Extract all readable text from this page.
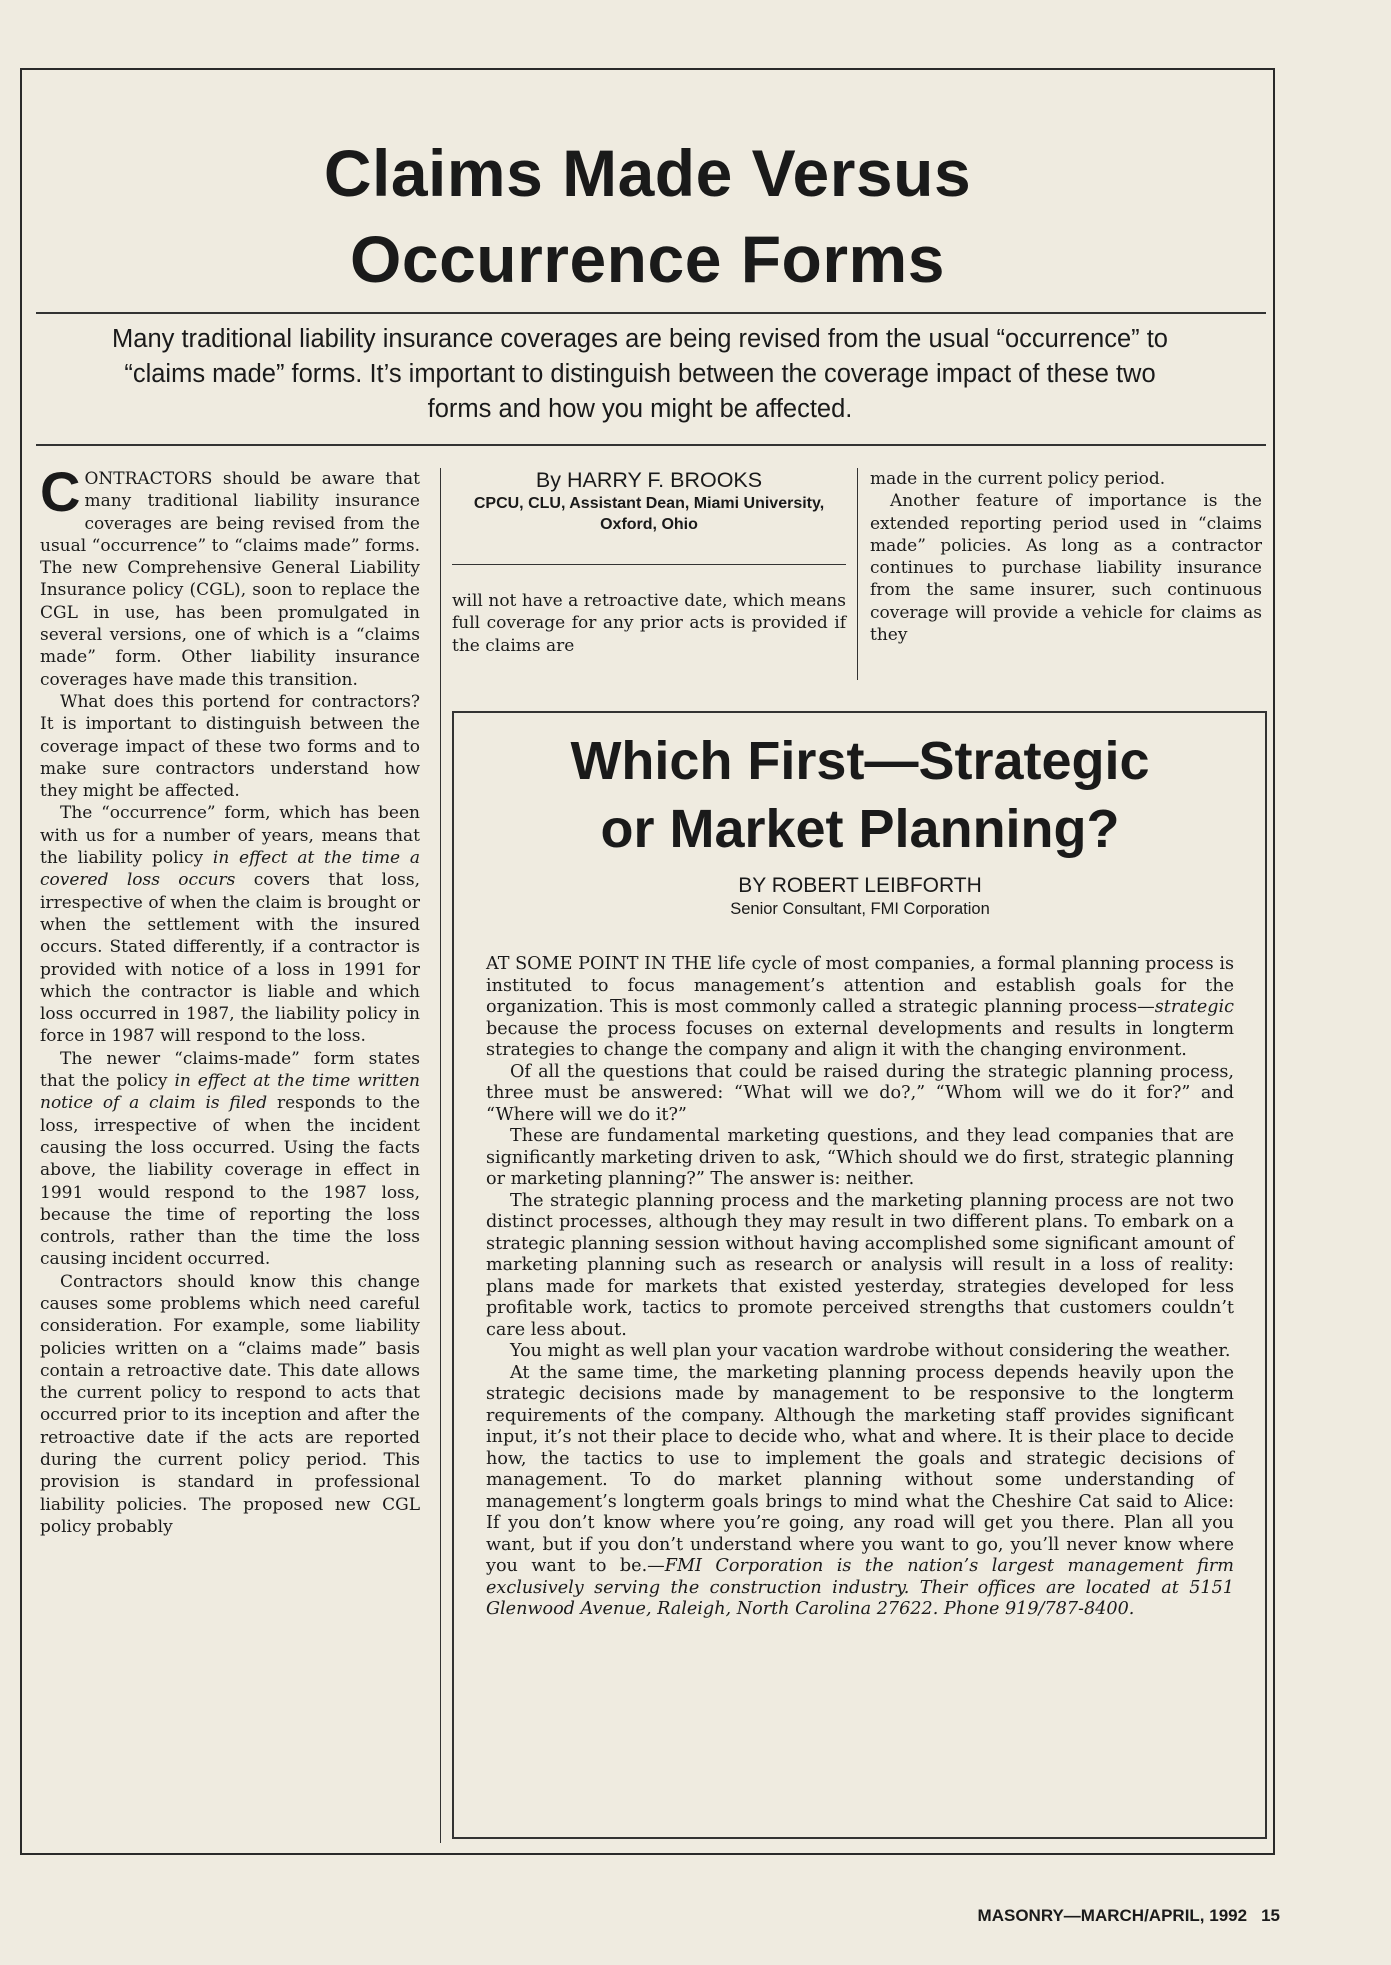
Claims Made Versus
Occurrence Forms
Many traditional liability insurance coverages are being revised from the usual “occurrence” to “claims made” forms. It’s important to distinguish between the coverage impact of these two forms and how you might be affected.

CONTRACTORS should be aware that many traditional liability insurance coverages are being revised from the usual “occurrence” to “claims made” forms. The new Comprehensive General Liability Insurance policy (CGL), soon to replace the CGL in use, has been promulgated in several versions, one of which is a “claims made” form. Other liability insurance coverages have made this transition.

What does this portend for contractors? It is important to distinguish between the coverage impact of these two forms and to make sure contractors understand how they might be affected.

The “occurrence” form, which has been with us for a number of years, means that the liability policy in effect at the time a covered loss occurs covers that loss, irrespective of when the claim is brought or when the settlement with the insured occurs. Stated differently, if a contractor is provided with notice of a loss in 1991 for which the contractor is liable and which loss occurred in 1987, the liability policy in force in 1987 will respond to the loss.

The newer “claims-made” form states that the policy in effect at the time written notice of a claim is filed responds to the loss, irrespective of when the incident causing the loss occurred. Using the facts above, the liability coverage in effect in 1991 would respond to the 1987 loss, because the time of reporting the loss controls, rather than the time the loss causing incident occurred.

Contractors should know this change causes some problems which need careful consideration. For example, some liability policies written on a “claims made” basis contain a retroactive date. This date allows the current policy to respond to acts that occurred prior to its inception and after the retroactive date if the acts are reported during the current policy period. This provision is standard in professional liability policies. The proposed new CGL policy probably

By HARRY F. BROOKS
CPCU, CLU, Assistant Dean, Miami University, Oxford, Ohio

will not have a retroactive date, which means full coverage for any prior acts is provided if the claims are

made in the current policy period.

Another feature of importance is the extended reporting period used in “claims made” policies. As long as a contractor continues to purchase liability insurance from the same insurer, such continuous coverage will provide a vehicle for claims as they

Which First—Strategic
or Market Planning?
BY ROBERT LEIBFORTH
Senior Consultant, FMI Corporation

AT SOME POINT IN THE life cycle of most companies, a formal planning process is instituted to focus management’s attention and establish goals for the organization. This is most commonly called a strategic planning process—strategic because the process focuses on external developments and results in longterm strategies to change the company and align it with the changing environment.

Of all the questions that could be raised during the strategic planning process, three must be answered: “What will we do?,” “Whom will we do it for?” and “Where will we do it?”

These are fundamental marketing questions, and they lead companies that are significantly marketing driven to ask, “Which should we do first, strategic planning or marketing planning?” The answer is: neither.

The strategic planning process and the marketing planning process are not two distinct processes, although they may result in two different plans. To embark on a strategic planning session without having accomplished some significant amount of marketing planning such as research or analysis will result in a loss of reality: plans made for markets that existed yesterday, strategies developed for less profitable work, tactics to promote perceived strengths that customers couldn’t care less about.

You might as well plan your vacation wardrobe without considering the weather.

At the same time, the marketing planning process depends heavily upon the strategic decisions made by management to be responsive to the longterm requirements of the company. Although the marketing staff provides significant input, it’s not their place to decide who, what and where. It is their place to decide how, the tactics to use to implement the goals and strategic decisions of management. To do market planning without some understanding of management’s longterm goals brings to mind what the Cheshire Cat said to Alice: If you don’t know where you’re going, any road will get you there. Plan all you want, but if you don’t understand where you want to go, you’ll never know where you want to be.—FMI Corporation is the nation’s largest management firm exclusively serving the construction industry. Their offices are located at 5151 Glenwood Avenue, Raleigh, North Carolina 27622. Phone 919/787-8400.

MASONRY—MARCH/APRIL, 1992 15
